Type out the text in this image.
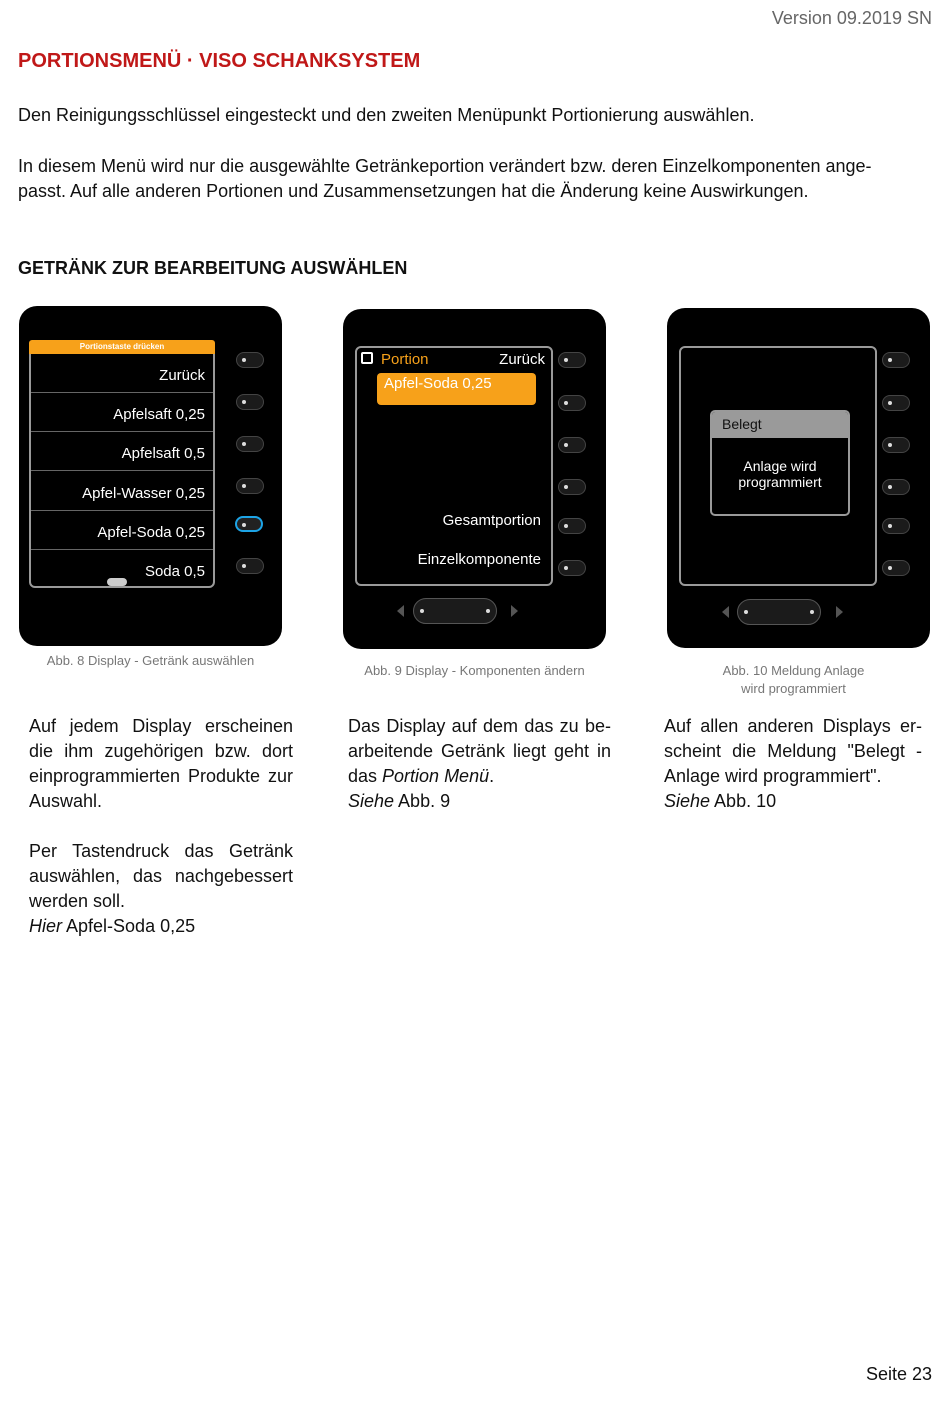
Version 09.2019 SN
PORTIONSMENÜ · VISO SCHANKSYSTEM
Den Reinigungsschlüssel eingesteckt und den zweiten Menüpunkt Portionierung auswählen.
In diesem Menü wird nur die ausgewählte Getränkeportion verändert bzw. deren Einzelkomponenten ange-
passt. Auf alle anderen Portionen und Zusammensetzungen hat die Änderung keine Auswirkungen.
GETRÄNK ZUR BEARBEITUNG AUSWÄHLEN
Portionstaste drücken
Zurück
Apfelsaft 0,25
Apfelsaft 0,5
Apfel-Wasser 0,25
Apfel-Soda 0,25
Soda 0,5
Portion	Zurück
Apfel-Soda 0,25
Gesamtportion
Einzelkomponente
Belegt
Anlage wird
programmiert
Abb. 8 Display - Getränk auswählen
Abb. 9 Display - Komponenten ändern	Abb. 10 Meldung Anlage
wird programmiert
Auf jedem Display erscheinen die ihm zugehörigen bzw. dort einprogrammierten Produkte zur Auswahl.
Per Tastendruck das Getränk auswählen, das nachgebessert werden soll.
Hier Apfel-Soda 0,25
Das Display auf dem das zu be-arbeitende Getränk liegt geht in das Portion Menü.
Siehe Abb. 9
Auf allen anderen Displays er-scheint die Meldung "Belegt - Anlage wird programmiert".
Siehe Abb. 10
Seite 23
